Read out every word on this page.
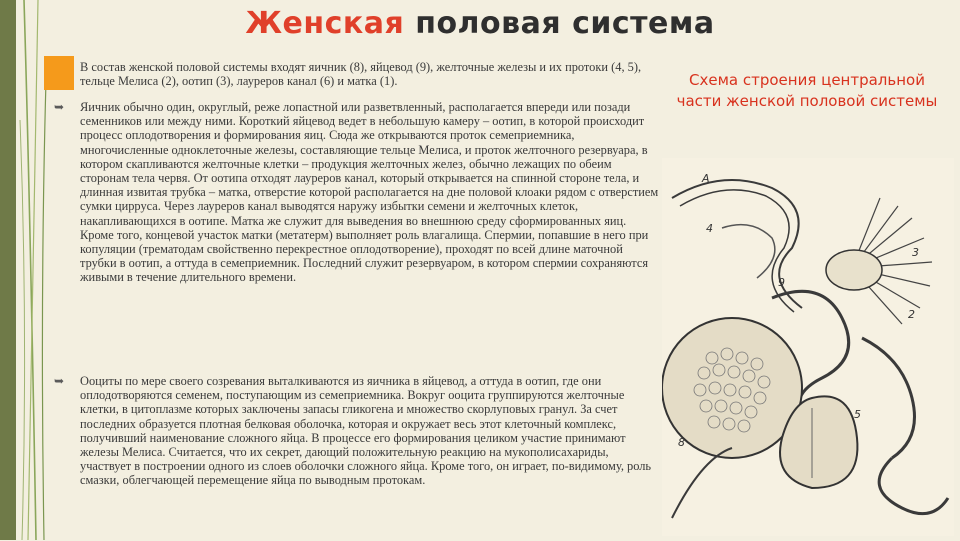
Женская половая система
В состав женской половой системы входят яичник (8), яйцевод (9), желточные железы и их протоки (4, 5), тельце Мелиса (2), оотип (3), лауреров канал (6) и матка (1).
➥ Яичник обычно один, округлый, реже лопастной или разветвленный, располагается впереди или позади семенников или между ними. Короткий яйцевод ведет в небольшую камеру – оотип, в которой происходит процесс оплодотворения и формирования яиц. Сюда же открываются проток семеприемника, многочисленные одноклеточные железы, составляющие тельце Мелиса, и проток желточного резервуара, в котором скапливаются желточные клетки – продукция желточных желез, обычно лежащих по обеим сторонам тела червя. От оотипа отходят лауреров канал, который открывается на спинной стороне тела, и длинная извитая трубка – матка, отверстие которой располагается на дне половой клоаки рядом с отверстием сумки цирруса. Через лауреров канал выводятся наружу избытки семени и желточных клеток, накапливающихся в оотипе. Матка же служит для выведения во внешнюю среду сформированных яиц. Кроме того, концевой участок матки (метатерм) выполняет роль влагалища. Спермии, попавшие в него при копуляции (трематодам свойственно перекрестное оплодотворение), проходят по всей длине маточной трубки в оотип, а оттуда в семеприемник. Последний служит резервуаром, в котором спермии сохраняются живыми в течение длительного времени.
➥ Ооциты по мере своего созревания выталкиваются из яичника в яйцевод, а оттуда в оотип, где они оплодотворяются семенем, поступающим из семеприемника. Вокруг ооцита группируются желточные клетки, в цитоплазме которых заключены запасы гликогена и множество скорлуповых гранул. За счет последних образуется плотная белковая оболочка, которая и окружает весь этот клеточный комплекс, получивший наименование сложного яйца. В процессе его формирования целиком участие принимают железы Мелиса. Считается, что их секрет, дающий положительную реакцию на мукополисахариды, участвует в построении одного из слоев оболочки сложного яйца. Кроме того, он играет, по-видимому, роль смазки, облегчающей перемещение яйца по выводным протокам.
Схема строения центральной части женской половой системы
А
4
9
3
2
5
8
